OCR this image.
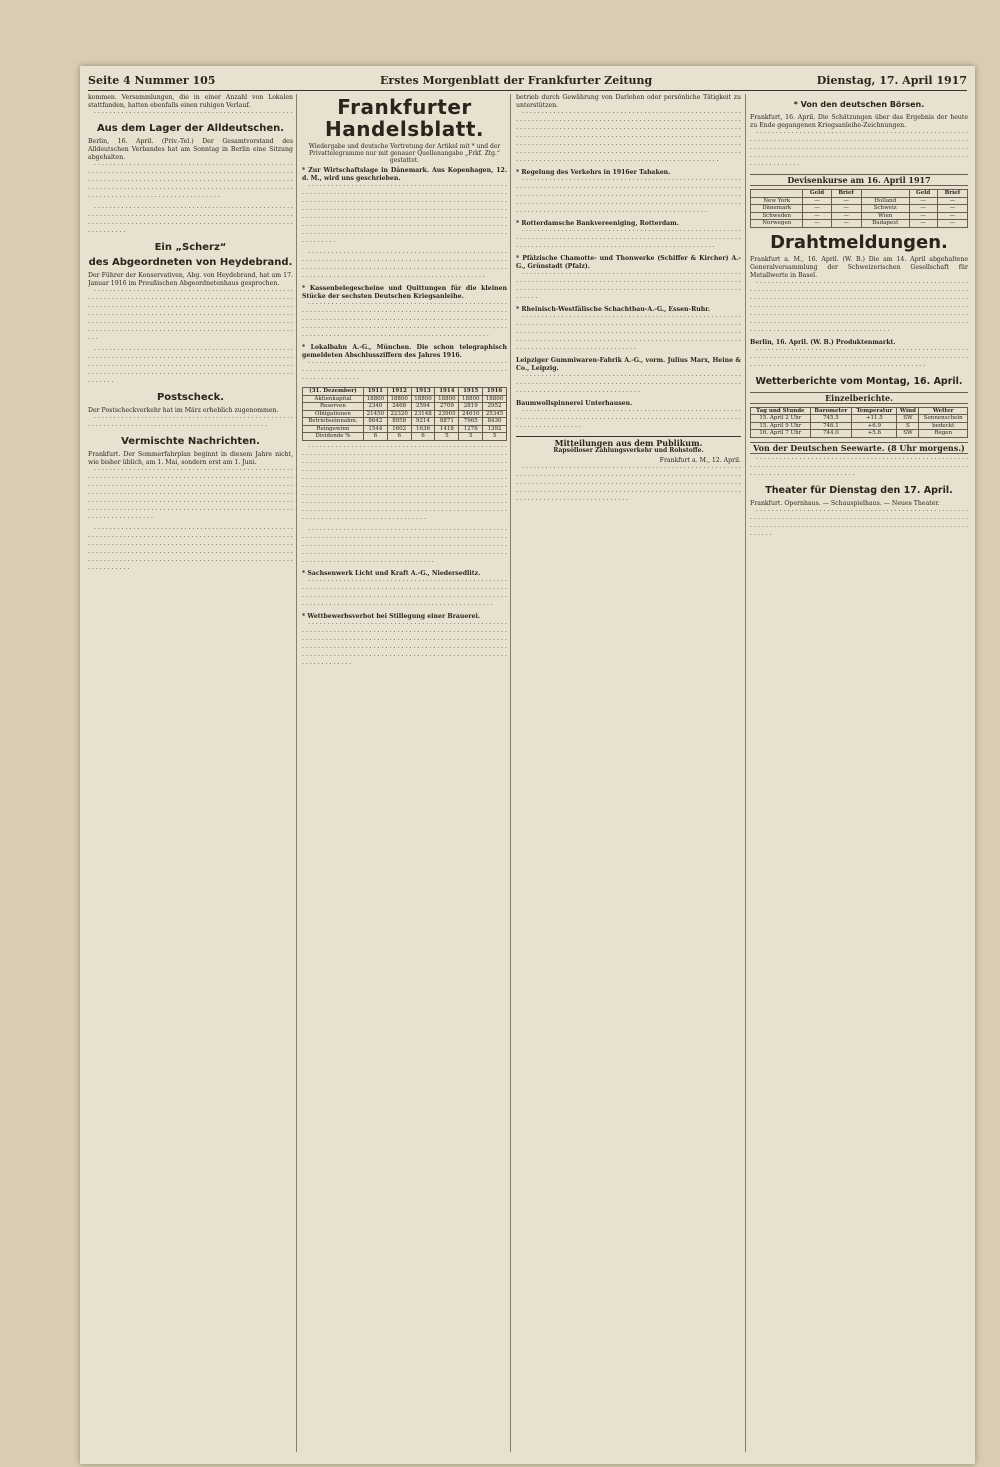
Seite 4 Nummer 105	Erstes Morgenblatt der Frankfurter Zeitung	Dienstag, 17. April 1917
kommen. Versammlungen, die in einer Anzahl von Lokalen stattfanden, hatten ebenfalls einen ruhigen Verlauf.

· · · · · · · · · · · · · · · · · · · · · · · · · · · · · · · · · · · · · · · · · · · · · · · · · · ·

Aus dem Lager der Alldeutschen.
Berlin, 16. April. (Priv.-Tel.) Der Gesamtvorstand des Alldeutschen Verbandes hat am Sonntag in Berlin eine Sitzung abgehalten.

· · · · · · · · · · · · · · · · · · · · · · · · · · · · · · · · · · · · · · · · · · · · · · · · · · · · · · · · · · · · · · · · · · · · · · · · · · · · · · · · · · · · · · · · · · · · · · · · · · · · · · · · · · · · · · · · · · · · · · · · · · · · · · · · · · · · · · · · · · · · · · · · · · · · · · · · · · · · · · · · · · · · · · · · · · · · · · · · · · · · · · · · · · · · · · · · · · · · · · · · · · · · · · · · · · · · · · · · · · · · · · · · · · · · · · · · · · · · · · · · ·

· · · · · · · · · · · · · · · · · · · · · · · · · · · · · · · · · · · · · · · · · · · · · · · · · · · · · · · · · · · · · · · · · · · · · · · · · · · · · · · · · · · · · · · · · · · · · · · · · · · · · · · · · · · · · · · · · · · · · · · · · · · · · · · · · · · · · · · · · · · · · · · · · · · · · · · · · · · · · · · · · · · · ·

Ein „Scherz“
des Abgeordneten von Heydebrand.
Der Führer der Konservativen, Abg. von Heydebrand, hat am 17. Januar 1916 im Preußischen Abgeordnetenhaus gesprochen.

· · · · · · · · · · · · · · · · · · · · · · · · · · · · · · · · · · · · · · · · · · · · · · · · · · · · · · · · · · · · · · · · · · · · · · · · · · · · · · · · · · · · · · · · · · · · · · · · · · · · · · · · · · · · · · · · · · · · · · · · · · · · · · · · · · · · · · · · · · · · · · · · · · · · · · · · · · · · · · · · · · · · · · · · · · · · · · · · · · · · · · · · · · · · · · · · · · · · · · · · · · · · · · · · · · · · · · · · · · · · · · · · · · · · · · · · · · · · · · · · · · · · · · · · · · · · · · · · · · · · · · · · · · · · · · · · · · · · · · · · · · · · · · · · · · · · · · · · · · · · · · · · · · · · · · · · · ·

· · · · · · · · · · · · · · · · · · · · · · · · · · · · · · · · · · · · · · · · · · · · · · · · · · · · · · · · · · · · · · · · · · · · · · · · · · · · · · · · · · · · · · · · · · · · · · · · · · · · · · · · · · · · · · · · · · · · · · · · · · · · · · · · · · · · · · · · · · · · · · · · · · · · · · · · · · · · · · · · · · · · · · · · · · · · · · · · · · · · · · · · · · · · · · · · · · · · · · · · · · · · · · · · · · · · · ·

Postscheck.
Der Postscheckverkehr hat im März erheblich zugenommen.

· · · · · · · · · · · · · · · · · · · · · · · · · · · · · · · · · · · · · · · · · · · · · · · · · · · · · · · · · · · · · · · · · · · · · · · · · · · · · · · · · · · · · · · · · · · · · · · · ·

Vermischte Nachrichten.
Frankfurt. Der Sommerfahrplan beginnt in diesem Jahre nicht, wie bisher üblich, am 1. Mai, sondern erst am 1. Juni.

· · · · · · · · · · · · · · · · · · · · · · · · · · · · · · · · · · · · · · · · · · · · · · · · · · · · · · · · · · · · · · · · · · · · · · · · · · · · · · · · · · · · · · · · · · · · · · · · · · · · · · · · · · · · · · · · · · · · · · · · · · · · · · · · · · · · · · · · · · · · · · · · · · · · · · · · · · · · · · · · · · · · · · · · · · · · · · · · · · · · · · · · · · · · · · · · · · · · · · · · · · · · · · · · · · · · · · · · · · · · · · · · · · · · · · · · · · · · · · · · · · · · · · · · · · · · · · · · · · · · · · · · · · · · · · · · · · · · · · · · · · · · · · · · · · · · · · · · · · · · · · · · · · · · · · · · · · · · · · · · · · · · · · · ·

· · · · · · · · · · · · · · · · · · · · · · · · · · · · · · · · · · · · · · · · · · · · · · · · · · · · · · · · · · · · · · · · · · · · · · · · · · · · · · · · · · · · · · · · · · · · · · · · · · · · · · · · · · · · · · · · · · · · · · · · · · · · · · · · · · · · · · · · · · · · · · · · · · · · · · · · · · · · · · · · · · · · · · · · · · · · · · · · · · · · · · · · · · · · · · · · · · · · · · · · · · · · · · · · · · · · · · · · · · · · · · · · · · · · · · · · · · · · · · · · · · · · · · · · · · · · · · · · · · · · · · · · · · · · · ·

Frankfurter Handelsblatt.
Wiedergabe und deutsche Vertretung der Artikel mit * und der Privattelegramme nur mit genauer Quellenangabe „Frkf. Ztg.“ gestattet.
* Zur Wirtschaftslage in Dänemark. Aus Kopenhagen, 12. d. M., wird uns geschrieben.

· · · · · · · · · · · · · · · · · · · · · · · · · · · · · · · · · · · · · · · · · · · · · · · · · · · · · · · · · · · · · · · · · · · · · · · · · · · · · · · · · · · · · · · · · · · · · · · · · · · · · · · · · · · · · · · · · · · · · · · · · · · · · · · · · · · · · · · · · · · · · · · · · · · · · · · · · · · · · · · · · · · · · · · · · · · · · · · · · · · · · · · · · · · · · · · · · · · · · · · · · · · · · · · · · · · · · · · · · · · · · · · · · · · · · · · · · · · · · · · · · · · · · · · · · · · · · · · · · · · · · · · · · · · · · · · · · · · · · · · · · · · · · · · · · · · · · · · · · · · · · · · · · · · · · · · · · · · · · · · · · · · · · · · · · · · · · · · · · · · · · · · · · · · · · · · · · · · · · · · · · · · · · · · · · · · ·

· · · · · · · · · · · · · · · · · · · · · · · · · · · · · · · · · · · · · · · · · · · · · · · · · · · · · · · · · · · · · · · · · · · · · · · · · · · · · · · · · · · · · · · · · · · · · · · · · · · · · · · · · · · · · · · · · · · · · · · · · · · · · · · · · · · · · · · · · · · · · · · · · · · · · · · · · · · · · · · · · · · · · · · · · · · · · · · · · · · · · · · · · · · · · · · · · · · · · · · · · ·

* Kassenbelegescheine und Quittungen für die kleinen Stücke der sechsten Deutschen Kriegsanleihe.

· · · · · · · · · · · · · · · · · · · · · · · · · · · · · · · · · · · · · · · · · · · · · · · · · · · · · · · · · · · · · · · · · · · · · · · · · · · · · · · · · · · · · · · · · · · · · · · · · · · · · · · · · · · · · · · · · · · · · · · · · · · · · · · · · · · · · · · · · · · · · · · · · · · · · · · · · · · · · · · · · · · · · · · · · · · · · · · · · · · · · · · · · · · · · · · · · · · · · · · · · · · · · · · · · · · · · · · · · · · · · · · · · · · · · · · · · · · · · · · · · · · · · · · · · · · · · · ·

* Lokalbahn A.-G., München. Die schon telegraphisch gemeldeten Abschlussziffern des Jahres 1916.

· · · · · · · · · · · · · · · · · · · · · · · · · · · · · · · · · · · · · · · · · · · · · · · · · · · · · · · · · · · · · · · · · · · · · · · · · · · · · · · · · · · · · · · · · · · · · · · · · · · · · · · · · · · · · · · · · · · · · ·

(31. Dezember)	1911	1912	1913	1914	1915	1916
Aktienkapital	18800	18800	18800	18800	18800	18800
Reserven	2340	2468	2594	2709	2819	2952
Obligationen	21450	22320	23148	23905	24610	25345
Betriebseinnahm.	8642	8958	9214	8871	7965	8430
Reingewinn	1544	1602	1636	1418	1276	1392
Dividende %	6	6	6	5	5	5

· · · · · · · · · · · · · · · · · · · · · · · · · · · · · · · · · · · · · · · · · · · · · · · · · · · · · · · · · · · · · · · · · · · · · · · · · · · · · · · · · · · · · · · · · · · · · · · · · · · · · · · · · · · · · · · · · · · · · · · · · · · · · · · · · · · · · · · · · · · · · · · · · · · · · · · · · · · · · · · · · · · · · · · · · · · · · · · · · · · · · · · · · · · · · · · · · · · · · · · · · · · · · · · · · · · · · · · · · · · · · · · · · · · · · · · · · · · · · · · · · · · · · · · · · · · · · · · · · · · · · · · · · · · · · · · · · · · · · · · · · · · · · · · · · · · · · · · · · · · · · · · · · · · · · · · · · · · · · · · · · · · · · · · · · · · · · · · · · · · · · · · · · · · · · · · · · · · · · · · · · · · · · · · · · · · · · · · · · · · · · · · · · · · · · · · · · · · · · · · · · · · · · · · · · · · · · · · · · · · · · · · · · · · · · · · · · · · · · · · · · · · · · · · · · · · · · · · · · · · · · · · · · · · · · · · · · · · · · · · · · · · · · · · · · · · · · · · · · · ·

· · · · · · · · · · · · · · · · · · · · · · · · · · · · · · · · · · · · · · · · · · · · · · · · · · · · · · · · · · · · · · · · · · · · · · · · · · · · · · · · · · · · · · · · · · · · · · · · · · · · · · · · · · · · · · · · · · · · · · · · · · · · · · · · · · · · · · · · · · · · · · · · · · · · · · · · · · · · · · · · · · · · · · · · · · · · · · · · · · · · · · · · · · · · · · · · · · · · · · · · · · · · · · · · · · · · · · · · · · · · · · · · · · · · · · · · · · · · · · · · ·

* Sachsenwerk Licht und Kraft A.-G., Niedersedlitz.

· · · · · · · · · · · · · · · · · · · · · · · · · · · · · · · · · · · · · · · · · · · · · · · · · · · · · · · · · · · · · · · · · · · · · · · · · · · · · · · · · · · · · · · · · · · · · · · · · · · · · · · · · · · · · · · · · · · · · · · · · · · · · · · · · · · · · · · · · · · · · · · · · · · · · · · · · · · · · · · · · · · · · · · · · · · · · · · · · · · · · · · · · · · · · · · · · · · · · · · · · · · ·

* Wettbewerbsverbot bei Stillegung einer Brauerei.

· · · · · · · · · · · · · · · · · · · · · · · · · · · · · · · · · · · · · · · · · · · · · · · · · · · · · · · · · · · · · · · · · · · · · · · · · · · · · · · · · · · · · · · · · · · · · · · · · · · · · · · · · · · · · · · · · · · · · · · · · · · · · · · · · · · · · · · · · · · · · · · · · · · · · · · · · · · · · · · · · · · · · · · · · · · · · · · · · · · · · · · · · · · · · · · · · · · · · · · · · · · · · · · · · · · · · · · · · · · · · · · · · · · · · · · · · · · · · · · · · · · · · · · · · · · · · · · · · · · · · · · · · · · · · · · ·

betrieb durch Gewährung von Darlehen oder persönliche Tätigkeit zu unterstützen.

· · · · · · · · · · · · · · · · · · · · · · · · · · · · · · · · · · · · · · · · · · · · · · · · · · · · · · · · · · · · · · · · · · · · · · · · · · · · · · · · · · · · · · · · · · · · · · · · · · · · · · · · · · · · · · · · · · · · · · · · · · · · · · · · · · · · · · · · · · · · · · · · · · · · · · · · · · · · · · · · · · · · · · · · · · · · · · · · · · · · · · · · · · · · · · · · · · · · · · · · · · · · · · · · · · · · · · · · · · · · · · · · · · · · · · · · · · · · · · · · · · · · · · · · · · · · · · · · · · · · · · · · · · · · · · · · · · · · · · · · · · · · · · · · · · · · · · · · · · · · · · · · · · · · · · · · · · · · · · · · · · · · · · · · · · · · · · · · · · · · · · · · · · · · · · · · · · · · · · · · · · · · · · · · · · · · · · · · · · · · · · · · · · · · · · · · ·

* Regelung des Verkehrs in 1916er Tabaken.

· · · · · · · · · · · · · · · · · · · · · · · · · · · · · · · · · · · · · · · · · · · · · · · · · · · · · · · · · · · · · · · · · · · · · · · · · · · · · · · · · · · · · · · · · · · · · · · · · · · · · · · · · · · · · · · · · · · · · · · · · · · · · · · · · · · · · · · · · · · · · · · · · · · · · · · · · · · · · · · · · · · · · · · · · · · · · · · · · · · · · · · · · · · · · · · · · · · · · · · · · · · · · · · · · · · · · · · · · · · · · · · · · · · · · · · · · · · · · · · · · · · · · · · · · · · · · · · · · · · · · · · · · · · · · · · · · · · ·

* Rotterdamsche Bankvereeniging, Rotterdam.

· · · · · · · · · · · · · · · · · · · · · · · · · · · · · · · · · · · · · · · · · · · · · · · · · · · · · · · · · · · · · · · · · · · · · · · · · · · · · · · · · · · · · · · · · · · · · · · · · · · · · · · · · · · · · · · · · · · · · · · · · · · · · · · · · · · · · · · · · · · · · · · · · · · · · · · · · · · · · · · · · · · ·

* Pfälzische Chamotte- und Thonwerke (Schiffer & Kircher) A.-G., Grünstadt (Pfalz).

· · · · · · · · · · · · · · · · · · · · · · · · · · · · · · · · · · · · · · · · · · · · · · · · · · · · · · · · · · · · · · · · · · · · · · · · · · · · · · · · · · · · · · · · · · · · · · · · · · · · · · · · · · · · · · · · · · · · · · · · · · · · · · · · · · · · · · · · · · · · · · · · · · · · · · · · · · · · · · · · · · · · · · · · · · · · · · · ·

* Rheinisch-Westfälische Schachtbau-A.-G., Essen-Ruhr.

· · · · · · · · · · · · · · · · · · · · · · · · · · · · · · · · · · · · · · · · · · · · · · · · · · · · · · · · · · · · · · · · · · · · · · · · · · · · · · · · · · · · · · · · · · · · · · · · · · · · · · · · · · · · · · · · · · · · · · · · · · · · · · · · · · · · · · · · · · · · · · · · · · · · · · · · · · · · · · · · · · · · · · · · · · · · · · · · · · · · · · · · · · · · · · · · · · · · · · · · · · · · · · · · · · · · · · · · · · · · · · · · · · · · · · · · · · · · · · · · · · · · · · · · · · · · · · · · · ·

Leipziger Gummiwaren-Fabrik A.-G., vorm. Julius Marx, Heine & Co., Leipzig.

· · · · · · · · · · · · · · · · · · · · · · · · · · · · · · · · · · · · · · · · · · · · · · · · · · · · · · · · · · · · · · · · · · · · · · · · · · · · · · · · · · · · · · · · · · · · · · · · · · · · · · · · · · · · · · · · · · · · · · · · · · · · · · · · · · · · · · · · · · · · · · · · ·

Baumwollspinnerei Unterhausen.

· · · · · · · · · · · · · · · · · · · · · · · · · · · · · · · · · · · · · · · · · · · · · · · · · · · · · · · · · · · · · · · · · · · · · · · · · · · · · · · · · · · · · · · · · · · · · · · · · · · · · · · · · · · · · · · · · · · · · · · · · · · · · · · · · ·

Mitteilungen aus dem Publikum.
Rapsölloser Zahlungsverkehr und Rohstoffe.
Frankfurt a. M., 12. April.

· · · · · · · · · · · · · · · · · · · · · · · · · · · · · · · · · · · · · · · · · · · · · · · · · · · · · · · · · · · · · · · · · · · · · · · · · · · · · · · · · · · · · · · · · · · · · · · · · · · · · · · · · · · · · · · · · · · · · · · · · · · · · · · · · · · · · · · · · · · · · · · · · · · · · · · · · · · · · · · · · · · · · · · · · · · · · · · · · · · · · · · · · · · · · · · · · · · · · · · · · · · · · · · · · · · · · · · · · · · · · · · · · · · · · · · · · · · · · · · · · · · · · · · · · · · · · · · ·

* Von den deutschen Börsen.
Frankfurt, 16. April. Die Schätzungen über das Ergebnis der heute zu Ende gegangenen Kriegsanleihe-Zeichnungen.

· · · · · · · · · · · · · · · · · · · · · · · · · · · · · · · · · · · · · · · · · · · · · · · · · · · · · · · · · · · · · · · · · · · · · · · · · · · · · · · · · · · · · · · · · · · · · · · · · · · · · · · · · · · · · · · · · · · · · · · · · · · · · · · · · · · · · · · · · · · · · · · · · · · · · · · · · · · · · · · · · · · · · · · · · · · · · · · · · · · · · · · · · · · · · · · · · · · · · · · · · · · · · · · · · · · · · · · · · · · · · · · · · · · · · · · ·

Devisenkurse am 16. April 1917
	Geld	Brief		Geld	Brief
New York	—	—	Holland	—	—
Dänemark	—	—	Schweiz	—	—
Schweden	—	—	Wien	—	—
Norwegen	—	—	Budapest	—	—
Drahtmeldungen.
Frankfurt a. M., 16. April. (W. B.) Die am 14. April abgehaltene Generalversammlung der Schweizerischen Gesellschaft für Metallwerte in Basel.

· · · · · · · · · · · · · · · · · · · · · · · · · · · · · · · · · · · · · · · · · · · · · · · · · · · · · · · · · · · · · · · · · · · · · · · · · · · · · · · · · · · · · · · · · · · · · · · · · · · · · · · · · · · · · · · · · · · · · · · · · · · · · · · · · · · · · · · · · · · · · · · · · · · · · · · · · · · · · · · · · · · · · · · · · · · · · · · · · · · · · · · · · · · · · · · · · · · · · · · · · · · · · · · · · · · · · · · · · · · · · · · · · · · · · · · · · · · · · · · · · · · · · · · · · · · · · · · · · · · · · · · · · · · · · · · · · · · · · · · · · · · · · · · · · · · · · · · · · · · · · · · · · · · · · · · · · · · · · · · · · · · · · · · · · · · · · · · · · · · · · · · · · · · · · · · · · · · · · · · · · · · · ·

Berlin, 16. April. (W. B.) Produktenmarkt.

· · · · · · · · · · · · · · · · · · · · · · · · · · · · · · · · · · · · · · · · · · · · · · · · · · · · · · · · · · · · · · · · · · · · · · · · · · · · · · · · · · · · · · · · · · · · · · · · · · · · · · · · · · · · · · · · · · · · · · · · · · · · · · · · · · · · · · · · · · · · · · · · · · · · · · · · · ·

Wetterberichte vom Montag, 16. April.
Einzelberichte.
Tag und Stunde	Barometer	Temperatur	Wind	Wetter
15. April 2 Uhr	745.5	+11.5	SW	Sonnenschein
15. April 9 Uhr	746.1	+6.9	S	bedeckt
16. April 7 Uhr	744.0	+5.6	SW	Regen
Von der Deutschen Seewarte. (8 Uhr morgens.)

· · · · · · · · · · · · · · · · · · · · · · · · · · · · · · · · · · · · · · · · · · · · · · · · · · · · · · · · · · · · · · · · · · · · · · · · · · · · · · · · · · · · · · · · · · · · · · · · · · · · · · · · · · · · · · · · · · · · · · · · · · · · · · · · · · · · · · · ·

Theater für Dienstag den 17. April.
Frankfurt. Opernhaus. — Schauspielhaus. — Neues Theater.

· · · · · · · · · · · · · · · · · · · · · · · · · · · · · · · · · · · · · · · · · · · · · · · · · · · · · · · · · · · · · · · · · · · · · · · · · · · · · · · · · · · · · · · · · · · · · · · · · · · · · · · · · · · · · · · · · · · · · · · · · · · · · · · · · · · · · · · · · · · · · · · · · · · · · · · · · · · · · · · · · · · · · · · · · ·
